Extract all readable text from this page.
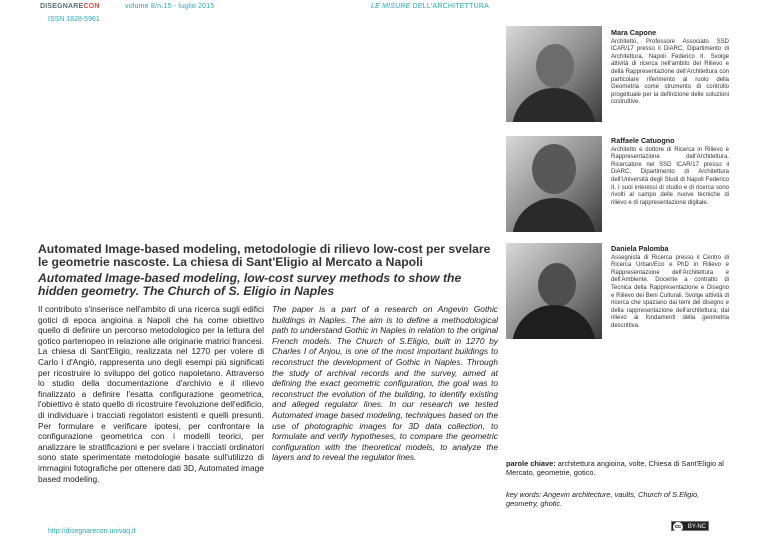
DISEGNARECON	volume 8/n.15 - luglio 2015	LE MISURE DELL'ARCHITETTURA
ISSN 1828-5961
Mara Capone
Architetto, Professore Associato SSD ICAR/17 presso il DiARC, Dipartimento di Architettura, Napoli Federico II. Svolge attività di ricerca nell'ambito del Rilievo e della Rappresentazione dell'Architettura con particolare riferimento al ruolo della Geometria come strumento di controllo progettuale per la definizione delle soluzioni costruttive.
Raffaele Catuogno
Architetto e dottore di Ricerca in Rilievo e Rappresentazione dell'Architettura. Ricercatore nel SSD ICAR/17 presso il DiARC, Dipartimento di Architettura dell'Università degli Studi di Napoli Federico II. I suoi interessi di studio e di ricerca sono rivolti al campo delle nuove tecniche di rilievo e di rappresentazione digitale.
Daniela Palomba
Assegnista di Ricerca presso il Centro di Ricerca Urban/Eco e PhD in Rilievo e Rappresentazione dell'Architettura e dell'Ambiente. Docente a contratto di Tecnica della Rappresentazione e Disegno e Rilievo dei Beni Culturali. Svolge attività di ricerca che spaziano dai temi del disegno e della rappresentazione dell'architettura, dal rilievo ai fondamenti della geometria descrittiva.
Automated Image-based modeling, metodologie di rilievo low-cost per svelare le geometrie nascoste. La chiesa di Sant'Eligio al Mercato a Napoli
Automated Image-based modeling, low-cost survey methods to show the hidden geometry. The Church of S. Eligio in Naples
Il contributo s'inserisce nell'ambito di una ricerca sugli edifici gotici di epoca angioina a Napoli che ha come obiettivo quello di definire un percorso metodologico per la lettura del gotico partenopeo in relazione alle originarie matrici francesi. La chiesa di Sant'Eligio, realizzata nel 1270 per volere di Carlo I d'Angiò, rappresenta uno degli esempi più significati per ricostruire lo sviluppo del gotico napoletano. Attraverso lo studio della documentazione d'archivio e il rilievo finalizzato a definire l'esatta configurazione geometrica, l'obiettivo è stato quello di ricostruire l'evoluzione dell'edificio, di individuare i tracciati regolatori esistenti e quelli presunti. Per formulare e verificare ipotesi, per confrontare la configurazione geometrica con i modelli teorici, per analizzare le stratificazioni e per svelare i tracciati ordinatori sono state sperimentate metodologie basate sull'utilizzo di immagini fotografiche per ottenere dati 3D, Automated image based modeling.
The paper is a part of a research on Angevin Gothic buildings in Naples. The aim is to define a methodological path to understand Gothic in Naples in relation to the original French models. The Church of S.Eligio, built in 1270 by Charles I of Anjou, is one of the most important buildings to reconstruct the development of Gothic in Naples. Through the study of archival records and the survey, aimed at defining the exact geometric configuration, the goal was to reconstruct the evolution of the building, to identify existing and alleged regulator lines. In our research we tested Automated image based modeling, techniques based on the use of photographic images for 3D data collection, to formulate and verify hypotheses, to compare the geometric configuration with the theoretical models, to analyze the layers and to reveal the regulator lines.
parole chiave: architettura angioina, volte, Chiesa di Sant'Eligio al Mercato, geometrie, gotico.
key words: Angevin architecture, vaults, Church of S.Eligio, geometry, ghotic.
http://disegnarecon.univaq.it
cc	BY-NC
